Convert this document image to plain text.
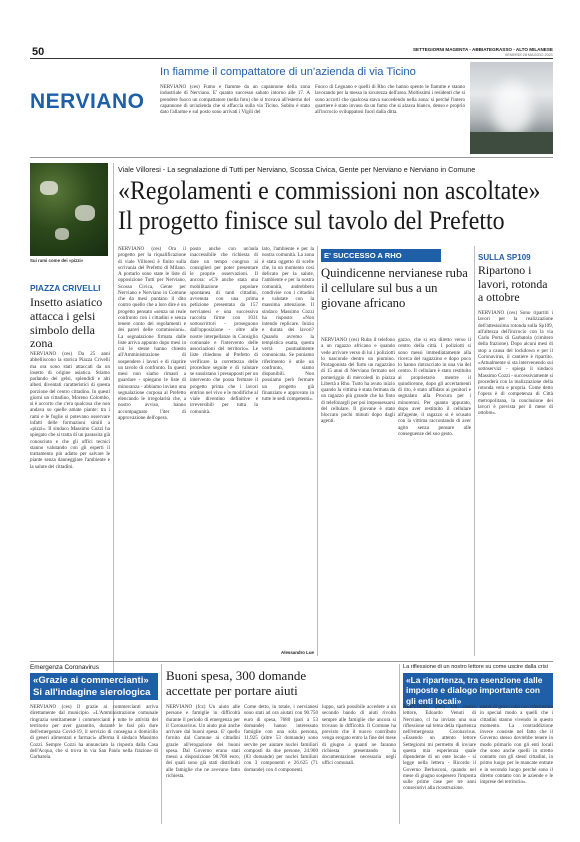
50	SETTEGIORNI MAGENTA - ABBIATEGRASSO - ALTO MILANESE
VENERDÌ 28 MAGGIO 2021
NERVIANO
In fiamme il compattatore di un'azienda di via Ticino
NERVIANO (ces) Fumo e fiamme da un capannone della zona industriale di Nerviano. E' quanto successo sabato intorno alle 17. A prendere fuoco un compattatore (nella foto) che si trovava all'esterno del capannone di un'azienda che si affaccia sulla via Ticino. Subito è stato dato l'allarme e sul posto sono arrivati i Vigili del
Fuoco di Legnano e quelli di Rho che hanno spento le fiamme e stanno lavorando per la messa in sicurezza dell'area. Moltissimi i residenti che si sono accorti che qualcosa stava succedendo nella zona: si perché l'intero quartiere è stato invaso da un fumo che si alzava bianco, denso e proprio all'incrocio sviluppatosi fuori dalla ditta.
Sui rami come dei «pizzi»
PIAZZA CRIVELLI
Insetto asiatico attacca i gelsi simbolo della zona
NERVIANO (ces) Da 25 anni abbelliscono la storica Piazza Crivelli ma ora sono stati attaccati da un insetto di origine asiatica. Stiamo parlando dei gelsi, splendidi e alti alberi diventati caratteristici di questa porzione del centro cittadino. In questi giorni un cittadino, Moreno Colombo, si è accorto che c'era qualcosa che non andava su quelle amate piante: tra i rami e le foglie si potevano osservare infatti delle formazioni simili a «pizzi». Il sindaco Massimo Cozzi ha spiegato che si tratta di un parassita già conosciuto e che gli uffici tecnici stanno valutando con gli esperti il trattamento più adatto per salvare le piante senza danneggiare l'ambiente e la salute dei cittadini.
Viale Villoresi - La segnalazione di Tutti per Nerviano, Scossa Civica, Gente per Nerviano e Nerviano in Comune
«Regolamenti e commissioni non ascoltate»
Il progetto finisce sul tavolo del Prefetto
NERVIANO (ces) Ora il progetto per la riqualificazione di viale Villoresi è finito sulla scrivania del Prefetto di Milano. A portarlo sono state le liste di opposizione Tutti per Nerviano, Scossa Civica, Gente per Nerviano e Nerviano in Comune che da mesi puntano il dito contro quello che a loro dire è un progetto pensato «senza un reale confronto con i cittadini e senza tenere conto dei regolamenti e dei pareri delle commissioni». La segnalazione firmata dalle liste arriva appunto dopo mesi in cui le stesse hanno chiesto all'Amministrazione di sospendere i lavori e di riaprire un tavolo di confronto. In questi mesi non siamo rimasti a guardare - spiegano le liste di minoranza - abbiamo inviato una segnalazione corposa al Prefetto elencando le irregolarità che, a nostro avviso, hanno accompagnato l'iter di approvazione dell'opera.
posto anche con un'aula inaccessibile che richiesta di dare un tempo congruo ai consiglieri per poter presentare le proprie osservazioni. Il ancora: «C'è anche stata una mobilitazione popolare spontanea di tanti cittadini, avvenuta con una prima petizione presentata da 157 nervianesi e una successiva raccolta firme con 1031 sottoscrittori - proseguono dall'opposizione - oltre alle nostre interpellanze in Consiglio comunale e l'intervento delle associazioni del territorio». Le liste chiedono al Prefetto di verificare la correttezza delle procedure seguite e di valutare se sussistano i presupposti per un intervento che possa fermare il progetto prima che i lavori entrino nel vivo e le modifiche al viale diventino definitive e irreversibili per tutta la comunità.
lato, l'ambiente e per la nostra comunità. La zona è stata oggetto di scelte che, in un momento così delicato per la salute, l'ambiente e per la nostra comunità, andrebbero condivise con i cittadini e valutate con la massima attenzione. Il sindaco Massimo Cozzi ha risposto: «Non intendo replicare. Inizio e durata dei lavori? Quando avremo la tempistica esatta, questa verrà puntualmente comunicata. Se poniamo riferimento è utile un confronto, siamo disponibili. Non possiamo però fermare un progetto già finanziato e approvato in tutte le sedi competenti».
Alessandro Lue
E' SUCCESSO A RHO
Quindicenne nervianese ruba il cellulare sul bus a un giovane africano
NERVIANO (ces) Ruba il telefono a un ragazzo africano e quando vede arrivare verso di lui i poliziotti lo nasconde dentro un piumino. Protagonista del furto un ragazzino di 15 anni di Nerviano fermato nel pomeriggio di mercoledì in piazza Libertà a Rho. Tutto ha avuto inizio quando la vittima è stata fermata da un ragazzo più grande che ha finto di telefonargli per poi impossessarsi del cellulare. Il giovane è stato bloccato pochi minuti dopo dagli agenti.
gazzo, che si era diretto verso il centro della città. I poliziotti si sono messi immediatamente alla ricerca del ragazzino e dopo poco lo hanno rintracciato in una via del centro. Il cellulare è stato restituito al proprietario mentre il quindicenne, dopo gli accertamenti di rito, è stato affidato ai genitori e segnalato alla Procura per i minorenni. Per quanto appurato, dopo aver restituito il cellulare all'agente, il ragazzo si è scusato con la vittima raccontando di aver agito senza pensare alle conseguenze del suo gesto.
SULLA SP109
Ripartono i lavori, rotonda a ottobre
NERVIANO (ces) Sono ripartiti i lavori per la realizzazione dell'attesissima rotonda sulla Sp109, all'altezza dell'incrocio con la via Carlo Porta di Garbatola (cimitero della frazione). Dopo alcuni mesi di stop a causa del lockdown e per il Coronavirus, il cantiere è ripartito. «Attualmente si sta intervenendo sui sottoservizi - spiega il sindaco Massimo Cozzi - successivamente si procederà con la realizzazione della rotonda vera e propria. Come detto l'opera è di competenza di Città metropolitana, la conclusione dei lavori è prevista per il mese di ottobre».
Emergenza Coronavirus
«Grazie ai commercianti» Si all'indagine sierologica
NERVIANO (ces) Il grazie ai commercianti arriva direttamente dal municipio. «L'Amministrazione comunale ringrazia sentitamente i commercianti e tutte le attività del territorio per aver garantito, durante le fasi più dure dell'emergenza Covid-19, il servizio di consegna a domicilio di generi alimentari e farmaci» afferma il sindaco Massimo Cozzi. Sempre Cozzi ha annunciato la risposta dalla Casa dell'Acqua, che si trova in via San Paolo nella frazione di Garbatola.
Buoni spesa, 300 domande
accettate per portare aiuti
NERVIANO (fcz) Un aiuto alle persone e famiglie in difficoltà durante il periodo di emergenza per il Coronavirus. Un aiuto può anche arrivare dai buoni spesa. E' quello fornito dal Comune ai cittadini grazie all'erogazione dei buoni spesa. Dal Governo erano stati messi a disposizione 98.768 euro, dei quali sono già stati distribuiti alle famiglie che ne avevano fatto richiesta.
Come detto, in totale, i nervianesi sono stati ad ora aiutati con 90.750 euro di spesa, 7680 (pari a 53 domande) hanno interessato famiglie con una sola persona, 11.925 (altre 53 domande) sono servite per aiutare nuclei familiari composti da due persone, 24.900 (83 domande) per nuclei familiari con 3 componenti e 26.625 (71 domande) con 4 componenti.
luppo, sarà possibile accedere a un secondo bando di aiuti rivolto sempre alle famiglie che ancora si trovano in difficoltà. Il Comune ha previsto che il nuovo contributo venga erogato entro la fine del mese di giugno a quanti ne faranno richiesta presentando la documentazione necessaria negli uffici comunali.
La riflessione di un nostro lettore su come uscire dalla crisi
«La ripartenza, tra esenzione dalle imposte e dialogo importante con gli enti locali»
NERVIANO (ces) Un nostro lettore, Edoardo Venuti di Nerviano, ci ha inviato una sua riflessione sul tema della ripartenza nell'emergenza Coronavirus. «Essendo un attento lettore Settegiorni mi permetto di inviare questa mia esperienza quale dipendente di un ente locale - si legge nella lettera - Ricordo il Governo Berlusconi, quando nel mese di giugno sospesero l'imposta sulle prime case per tre anni consecutivi alla ricostruzione.
menti di grave crisi con riferimento in special modo a quelli che i cittadini stanno vivendo in questo momento. La contraddizione invece consiste nel fatto che il Governo stesso dovrebbe tenere in modo primario con gli enti locali che sono anche quelli in stretto contatto con gli stessi cittadini, in primo luogo per le mancate entrate e in secondo luogo perché sono il diretto contatto con le aziende e le imprese del territorio».
